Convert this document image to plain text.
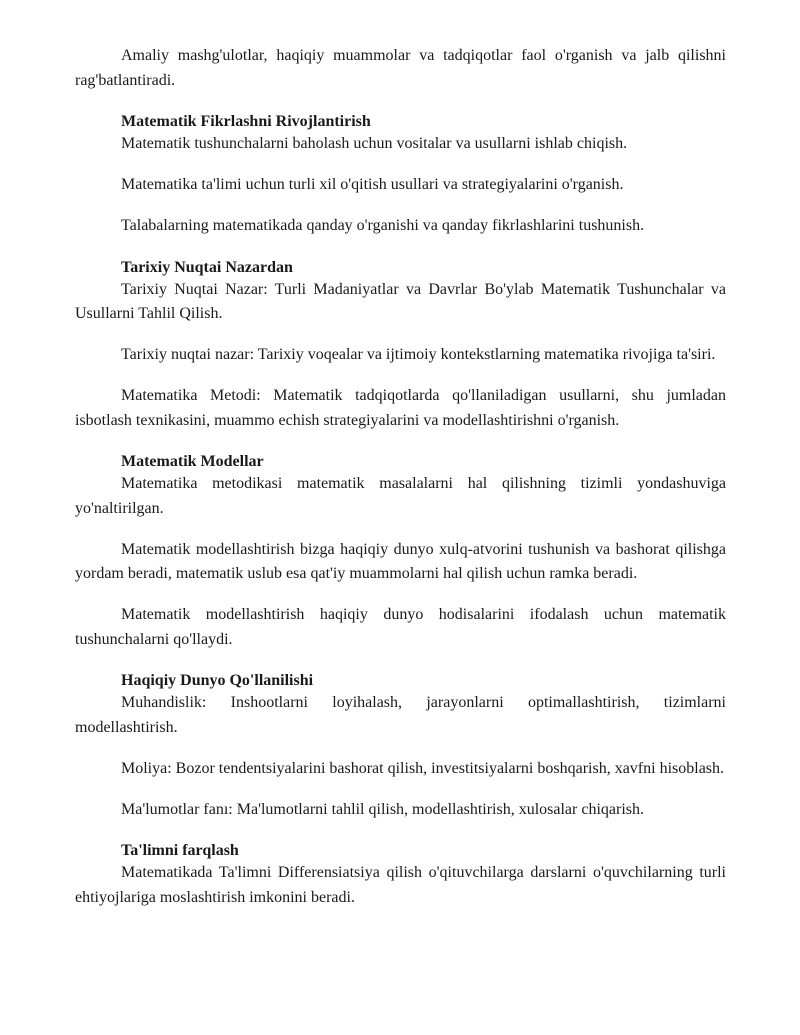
Amaliy mashg'ulotlar, haqiqiy muammolar va tadqiqotlar faol o'rganish va jalb qilishni rag'batlantiradi.

Matematik Fikrlashni Rivojlantirish

Matematik tushunchalarni baholash uchun vositalar va usullarni ishlab chiqish.

Matematika ta'limi uchun turli xil o'qitish usullari va strategiyalarini o'rganish.

Talabalarning matematikada qanday o'rganishi va qanday fikrlashlarini tushunish.

Tarixiy Nuqtai Nazardan

Tarixiy Nuqtai Nazar: Turli Madaniyatlar va Davrlar Bo'ylab Matematik Tushunchalar va Usullarni Tahlil Qilish.

Tarixiy nuqtai nazar: Tarixiy voqealar va ijtimoiy kontekstlarning matematika rivojiga ta'siri.

Matematika Metodi: Matematik tadqiqotlarda qo'llaniladigan usullarni, shu jumladan isbotlash texnikasini, muammo echish strategiyalarini va modellashtirishni o'rganish.

Matematik Modellar

Matematika metodikasi matematik masalalarni hal qilishning tizimli yondashuviga yo'naltirilgan.

Matematik modellashtirish bizga haqiqiy dunyo xulq-atvorini tushunish va bashorat qilishga yordam beradi, matematik uslub esa qat'iy muammolarni hal qilish uchun ramka beradi.

Matematik modellashtirish haqiqiy dunyo hodisalarini ifodalash uchun matematik tushunchalarni qo'llaydi.

Haqiqiy Dunyo Qo'llanilishi

Muhandislik: Inshootlarni loyihalash, jarayonlarni optimallashtirish, tizimlarni modellashtirish.

Moliya: Bozor tendentsiyalarini bashorat qilish, investitsiyalarni boshqarish, xavfni hisoblash.

Ma'lumotlar fanı: Ma'lumotlarni tahlil qilish, modellashtirish, xulosalar chiqarish.

Ta'limni farqlash

Matematikada Ta'limni Differensiatsiya qilish o'qituvchilarga darslarni o'quvchilarning turli ehtiyojlariga moslashtirish imkonini beradi.
